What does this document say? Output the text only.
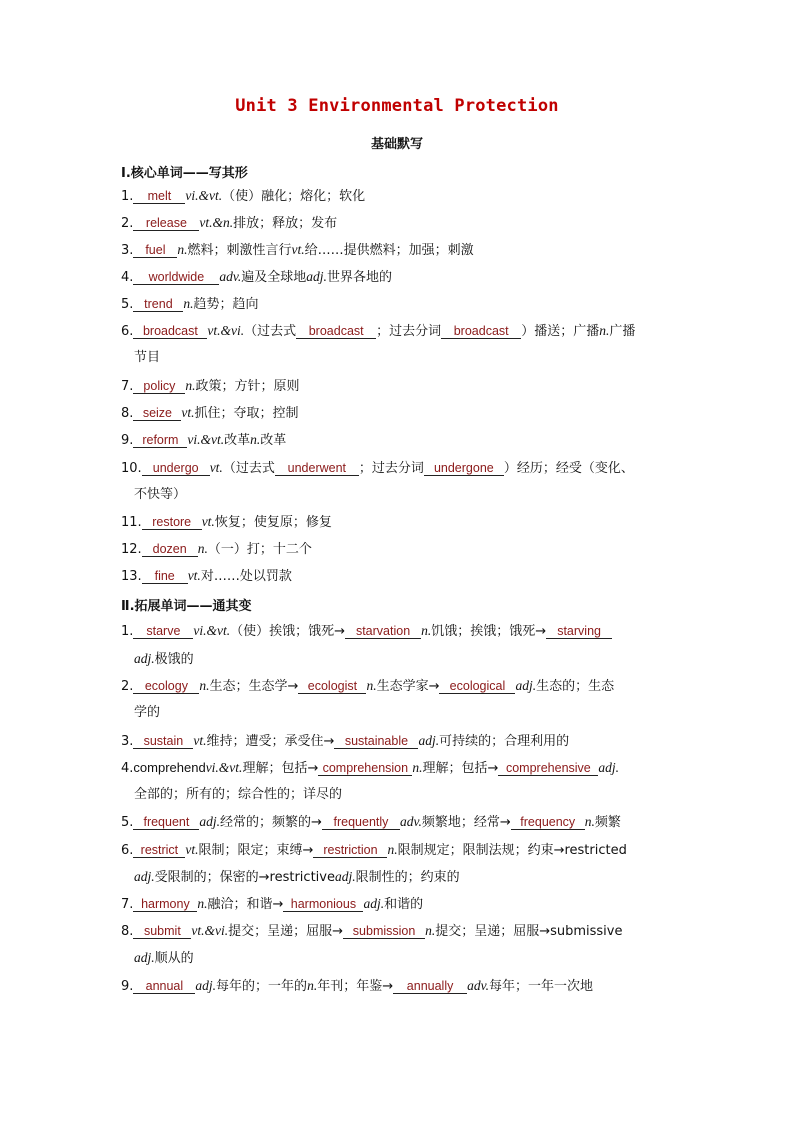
Unit 3 Environmental Protection
基础默写
Ⅰ.核心单词——写其形
1. melt vi.&vt.（使）融化；熔化；软化
2. release vt.&n.排放；释放；发布
3. fuel n.燃料；刺激性言行vt.给……提供燃料；加强；刺激
4. worldwide adv.遍及全球地adj.世界各地的
5. trend n.趋势；趋向
6. broadcast vt.&vi.（过去式 broadcast ；过去分词 broadcast ）播送；广播n.广播
节目
7. policy n.政策；方针；原则
8. seize vt.抓住；夺取；控制
9. reform vi.&vt.改革n.改革
10. undergo vt.（过去式 underwent ；过去分词 undergone ）经历；经受（变化、
不快等）
11. restore vt.恢复；使复原；修复
12. dozen n.（一）打；十二个
13. fine vt.对……处以罚款
Ⅱ.拓展单词——通其变
1. starve vi.&vt.（使）挨饿；饿死→ starvation n.饥饿；挨饿；饿死→ starving
adj.极饿的
2. ecology n.生态；生态学→ ecologist n.生态学家→ ecological adj.生态的；生态
学的
3. sustain vt.维持；遭受；承受住→ sustainable adj.可持续的；合理利用的
4.comprehendvi.&vt.理解；包括→ comprehension n.理解；包括→ comprehensive adj.
全部的；所有的；综合性的；详尽的
5. frequent adj.经常的；频繁的→ frequently adv.频繁地；经常→ frequency n.频繁
6. restrict vt.限制；限定；束缚→ restriction n.限制规定；限制法规；约束→restricted
adj.受限制的；保密的→restrictiveadj.限制性的；约束的
7. harmony n.融洽；和谐→ harmonious adj.和谐的
8. submit vt.&vi.提交；呈递；屈服→ submission n.提交；呈递；屈服→submissive
adj.顺从的
9. annual adj.每年的；一年的n.年刊；年鉴→ annually adv.每年；一年一次地
